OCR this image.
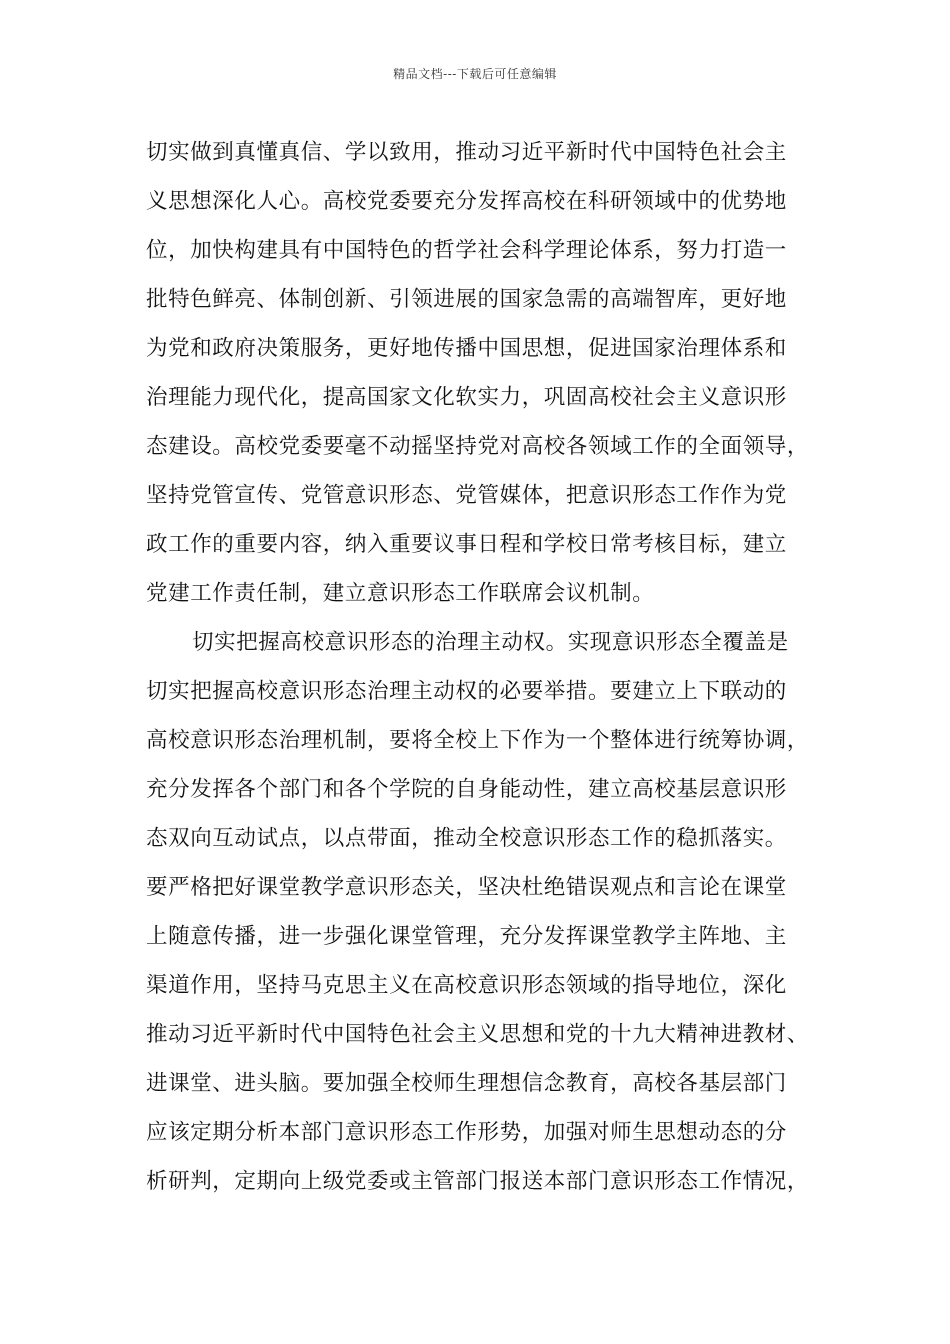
精品文档---下载后可任意编辑
切实做到真懂真信、学以致用，推动习近平新时代中国特色社会主
义思想深化人心。高校党委要充分发挥高校在科研领域中的优势地
位，加快构建具有中国特色的哲学社会科学理论体系，努力打造一
批特色鲜亮、体制创新、引领进展的国家急需的高端智库，更好地
为党和政府决策服务，更好地传播中国思想，促进国家治理体系和
治理能力现代化，提高国家文化软实力，巩固高校社会主义意识形
态建设。高校党委要毫不动摇坚持党对高校各领域工作的全面领导，
坚持党管宣传、党管意识形态、党管媒体，把意识形态工作作为党
政工作的重要内容，纳入重要议事日程和学校日常考核目标，建立
党建工作责任制，建立意识形态工作联席会议机制。
切实把握高校意识形态的治理主动权。实现意识形态全覆盖是
切实把握高校意识形态治理主动权的必要举措。要建立上下联动的
高校意识形态治理机制，要将全校上下作为一个整体进行统筹协调，
充分发挥各个部门和各个学院的自身能动性，建立高校基层意识形
态双向互动试点，以点带面，推动全校意识形态工作的稳抓落实。
要严格把好课堂教学意识形态关，坚决杜绝错误观点和言论在课堂
上随意传播，进一步强化课堂管理，充分发挥课堂教学主阵地、主
渠道作用，坚持马克思主义在高校意识形态领域的指导地位，深化
推动习近平新时代中国特色社会主义思想和党的十九大精神进教材、
进课堂、进头脑。要加强全校师生理想信念教育，高校各基层部门
应该定期分析本部门意识形态工作形势，加强对师生思想动态的分
析研判，定期向上级党委或主管部门报送本部门意识形态工作情况，
